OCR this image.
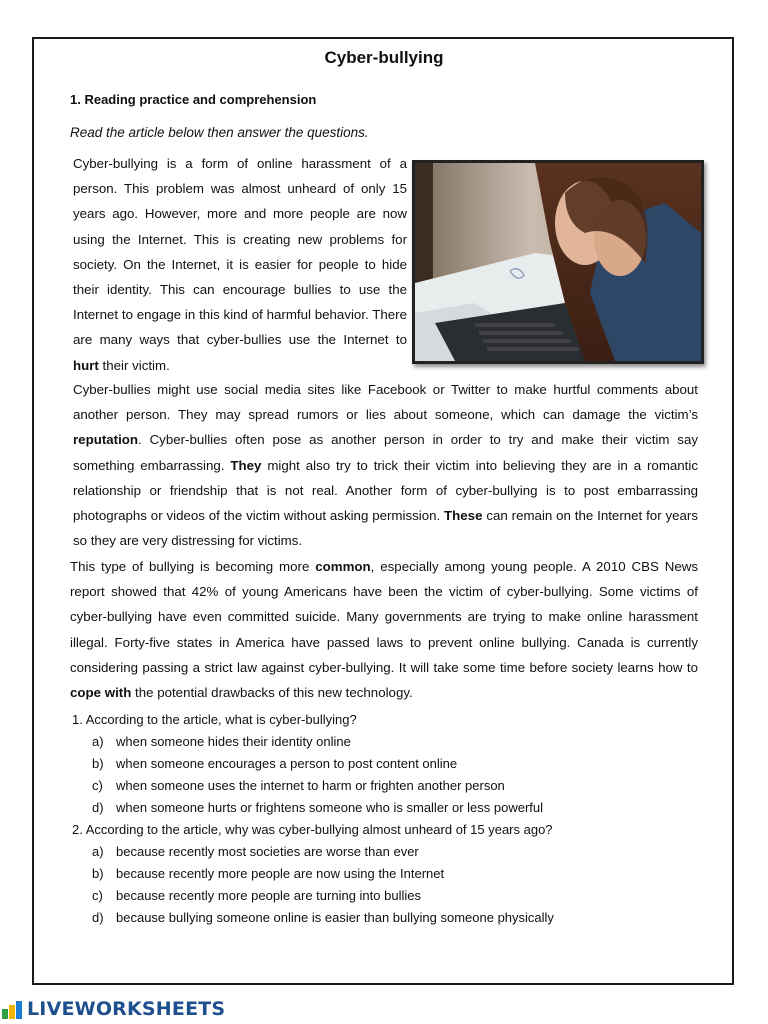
Cyber-bullying
1. Reading practice and comprehension
Read the article below then answer the questions.
Cyber-bullying is a form of online harassment of a person. This problem was almost unheard of only 15 years ago. However, more and more people are now using the Internet. This is creating new problems for society. On the Internet, it is easier for people to hide their identity. This can encourage bullies to use the Internet to engage in this kind of harmful behavior. There are many ways that cyber-bullies use the Internet to hurt their victim.
Cyber-bullies might use social media sites like Facebook or Twitter to make hurtful comments about another person. They may spread rumors or lies about someone, which can damage the victim’s reputation. Cyber-bullies often pose as another person in order to try and make their victim say something embarrassing. They might also try to trick their victim into believing they are in a romantic relationship or friendship that is not real. Another form of cyber-bullying is to post embarrassing photographs or videos of the victim without asking permission. These can remain on the Internet for years so they are very distressing for victims.
This type of bullying is becoming more common, especially among young people. A 2010 CBS News report showed that 42% of young Americans have been the victim of cyber-bullying. Some victims of cyber-bullying have even committed suicide. Many governments are trying to make online harassment illegal. Forty-five states in America have passed laws to prevent online bullying. Canada is currently considering passing a strict law against cyber-bullying. It will take some time before society learns how to cope with the potential drawbacks of this new technology.
1. According to the article, what is cyber-bullying?
a) when someone hides their identity online
b) when someone encourages a person to post content online
c) when someone uses the internet to harm or frighten another person
d) when someone hurts or frightens someone who is smaller or less powerful
2. According to the article, why was cyber-bullying almost unheard of 15 years ago?
a) because recently most societies are worse than ever
b) because recently more people are now using the Internet
c) because recently more people are turning into bullies
d) because bullying someone online is easier than bullying someone physically
LIVEWORKSHEETS
